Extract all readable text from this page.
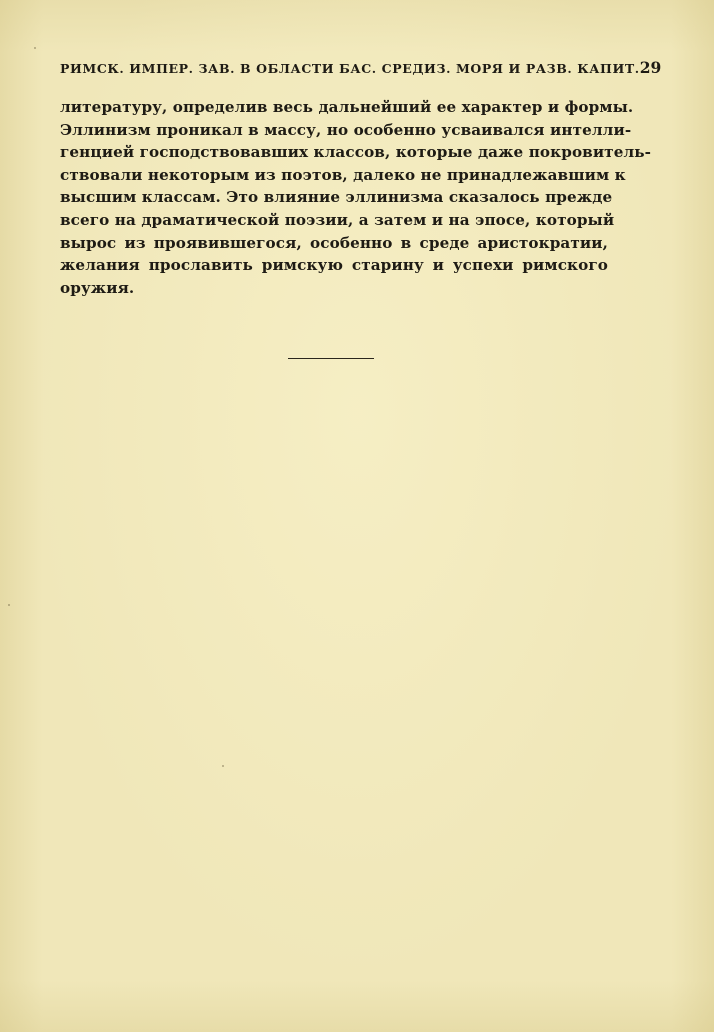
РИМСК. ИМПЕР. ЗАВ. В ОБЛАСТИ БАС. СРЕДИЗ. МОРЯ И РАЗВ. КАПИТ. 29
литературу, определив весь дальнейший ее характер и формы.
Эллинизм проникал в массу, но особенно усваивался интелли-
генцией господствовавших классов, которые даже покровитель-
ствовали некоторым из поэтов, далеко не принадлежавшим к
высшим классам. Это влияние эллинизма сказалось прежде
всего на драматической поэзии, а затем и на эпосе, который
вырос из проявившегося, особенно в среде аристократии,
желания прославить римскую старину и успехи римского
оружия.
